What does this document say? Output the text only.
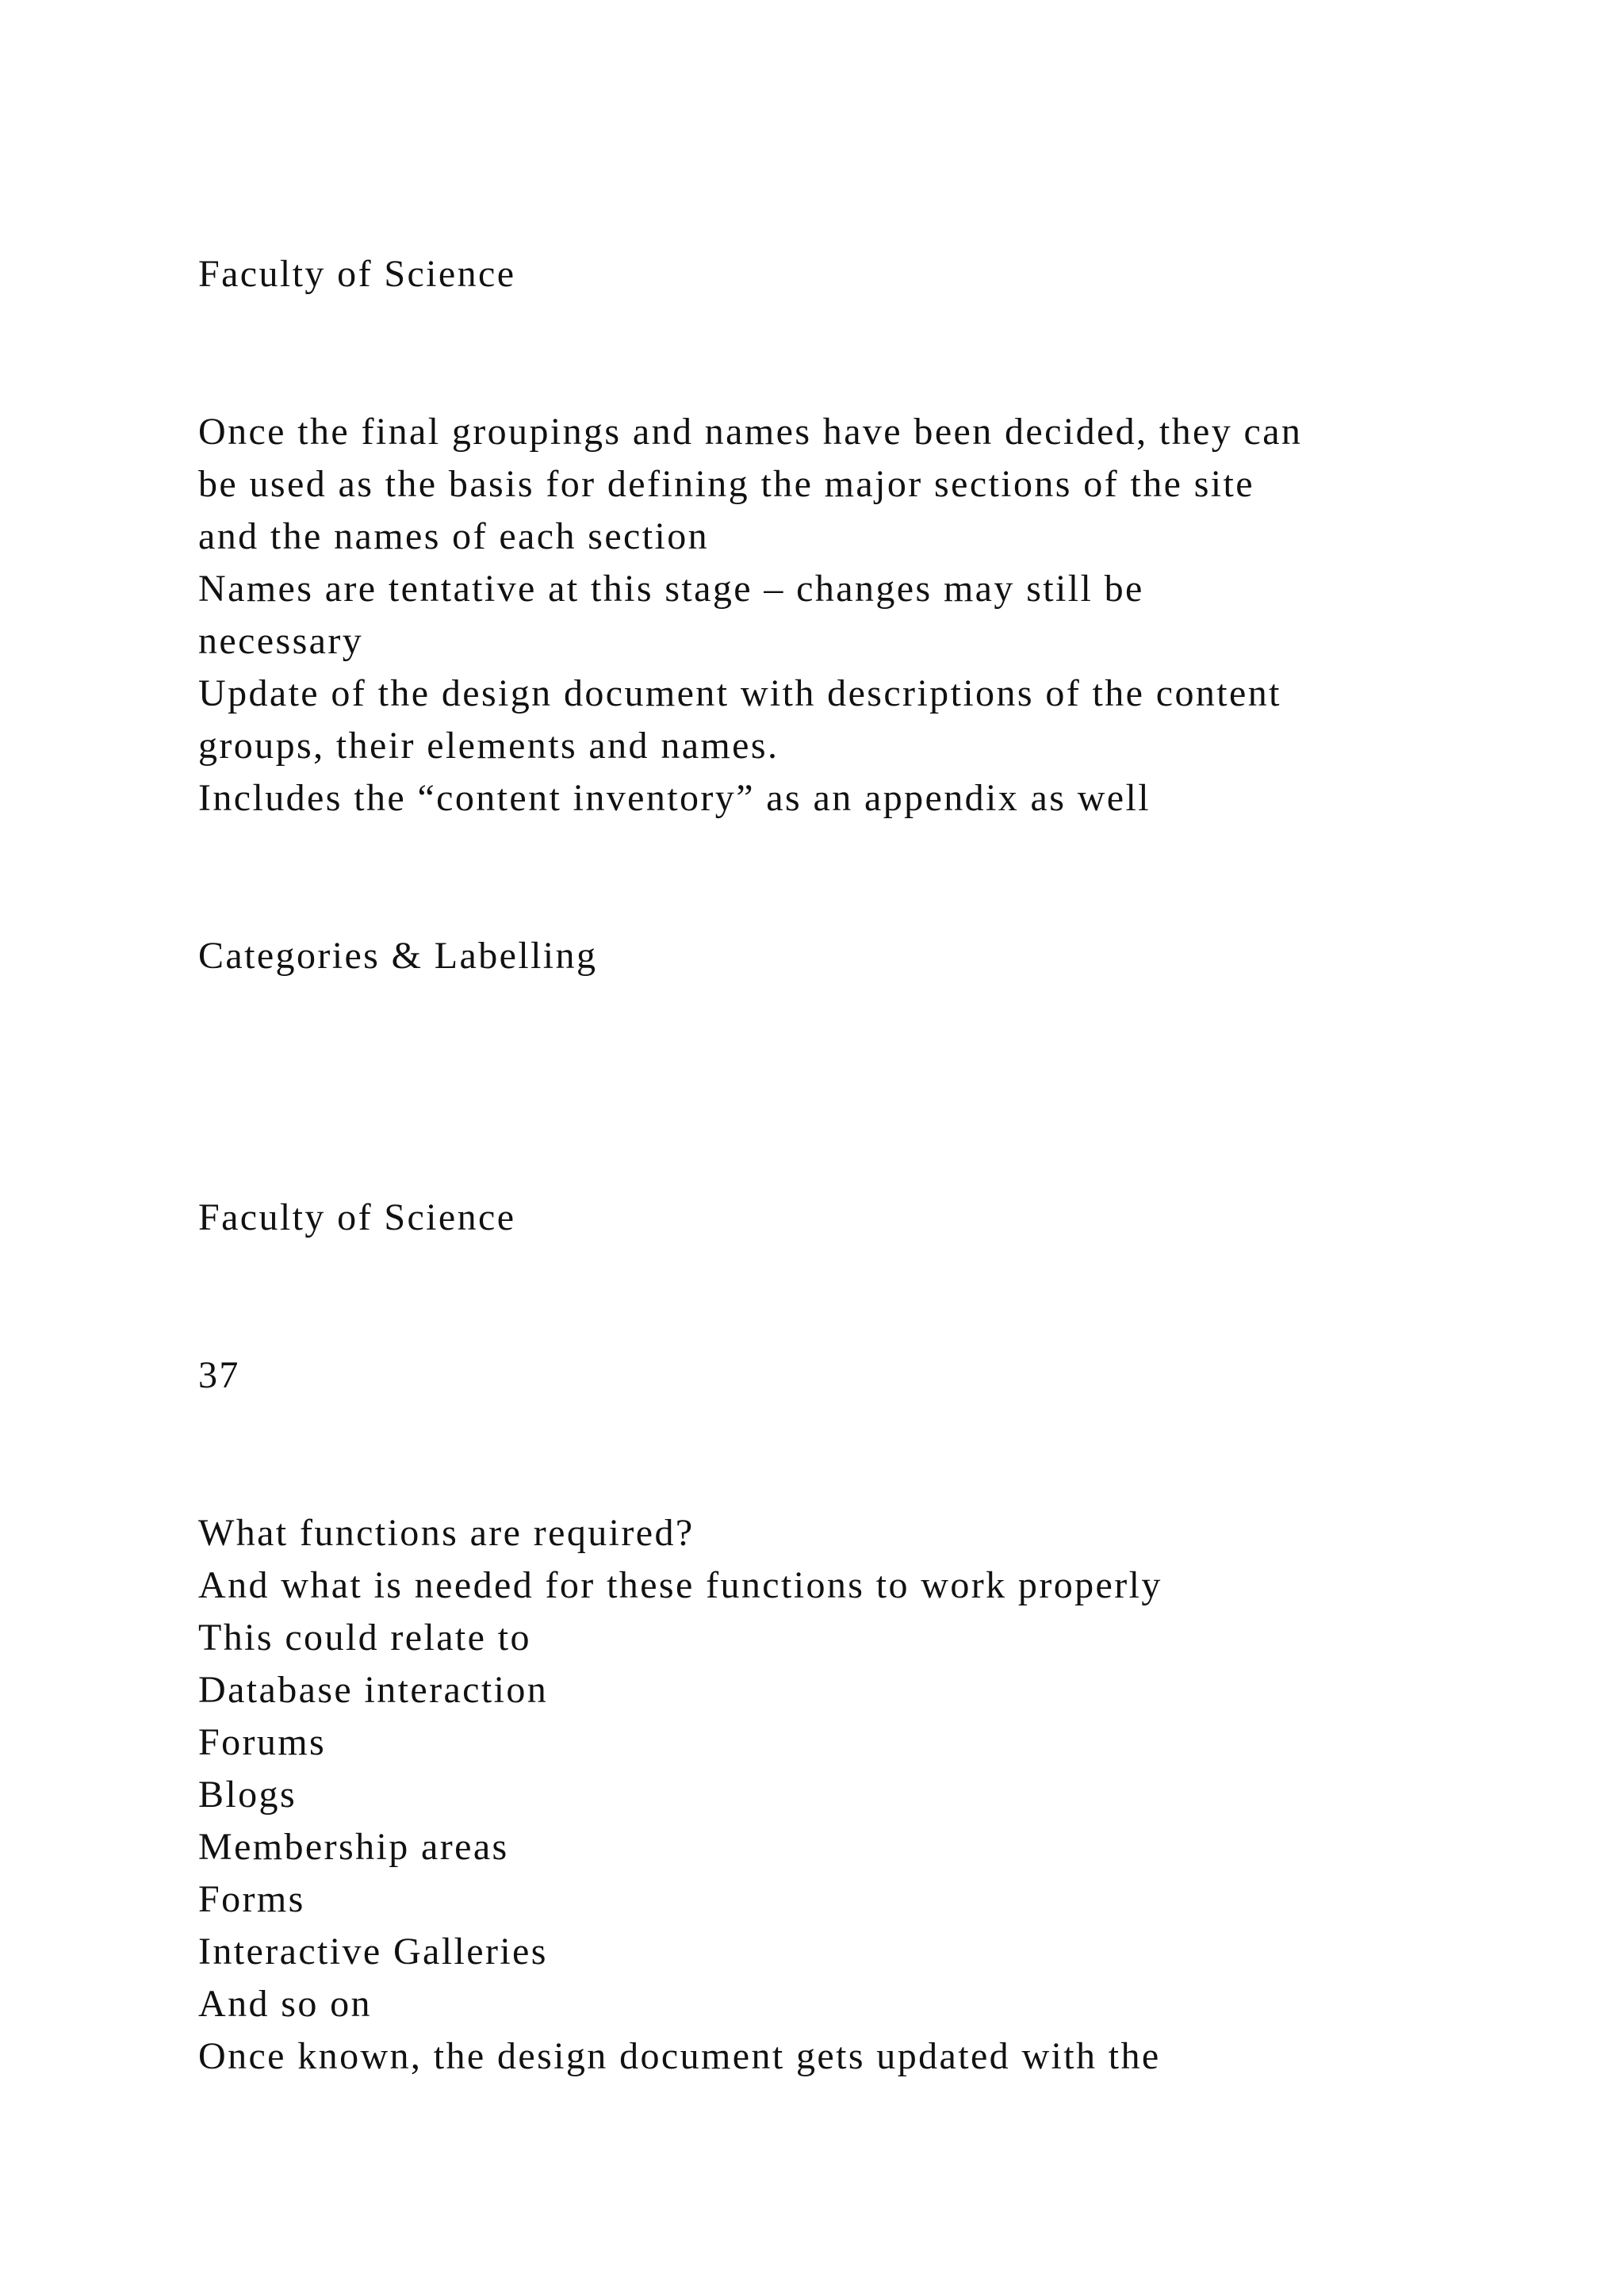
Faculty of Science

Once the final groupings and names have been decided, they can

be used as the basis for defining the major sections of the site

and the names of each section

Names are tentative at this stage – changes may still be

necessary

Update of the design document with descriptions of the content

groups, their elements and names.

Includes the “content inventory” as an appendix as well

Categories & Labelling

Faculty of Science

37

What functions are required?

And what is needed for these functions to work properly

This could relate to

Database interaction

Forums

Blogs

Membership areas

Forms

Interactive Galleries

And so on

Once known, the design document gets updated with the
